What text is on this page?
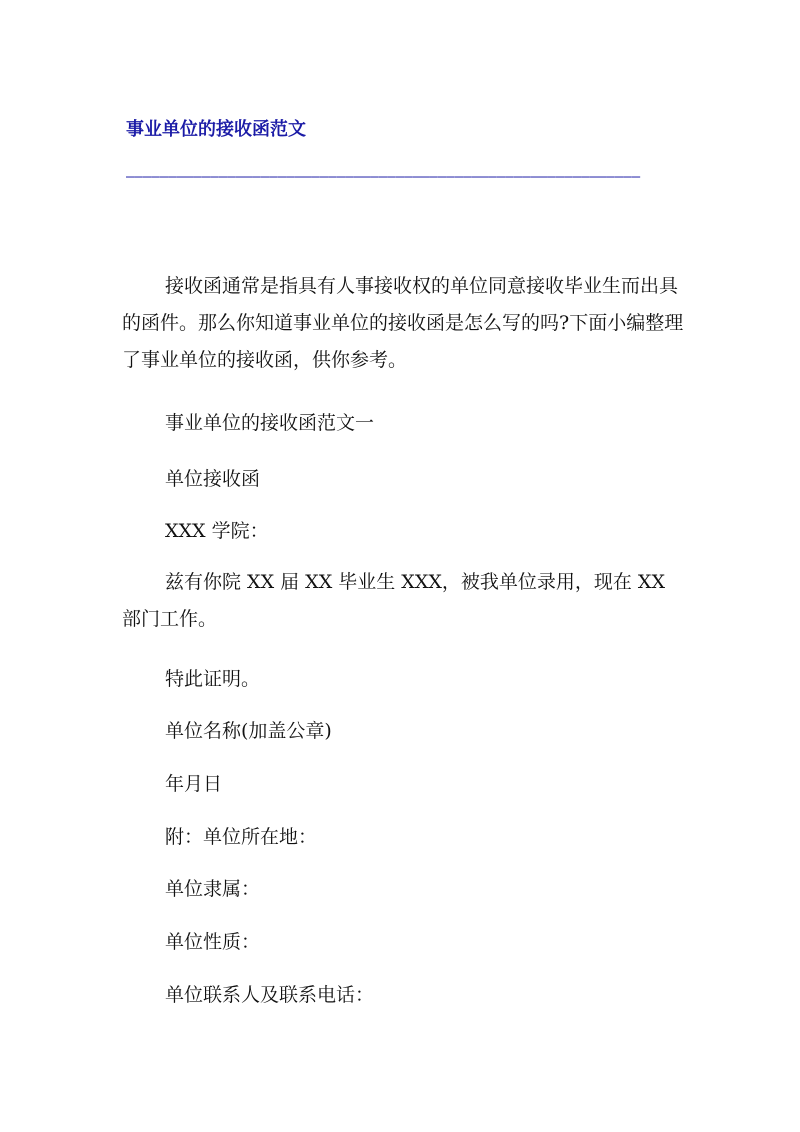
事业单位的接收函范文
—————————————————————————————————————————————————————————————

接收函通常是指具有人事接收权的单位同意接收毕业生而出具的函件。那么你知道事业单位的接收函是怎么写的吗?下面小编整理了事业单位的接收函，供你参考。

事业单位的接收函范文一
单位接收函
XXX 学院：

兹有你院 XX 届 XX 毕业生 XXX，被我单位录用，现在 XX 部门工作。

特此证明。
单位名称(加盖公章)
年月日
附：单位所在地：
单位隶属：
单位性质：
单位联系人及联系电话：
